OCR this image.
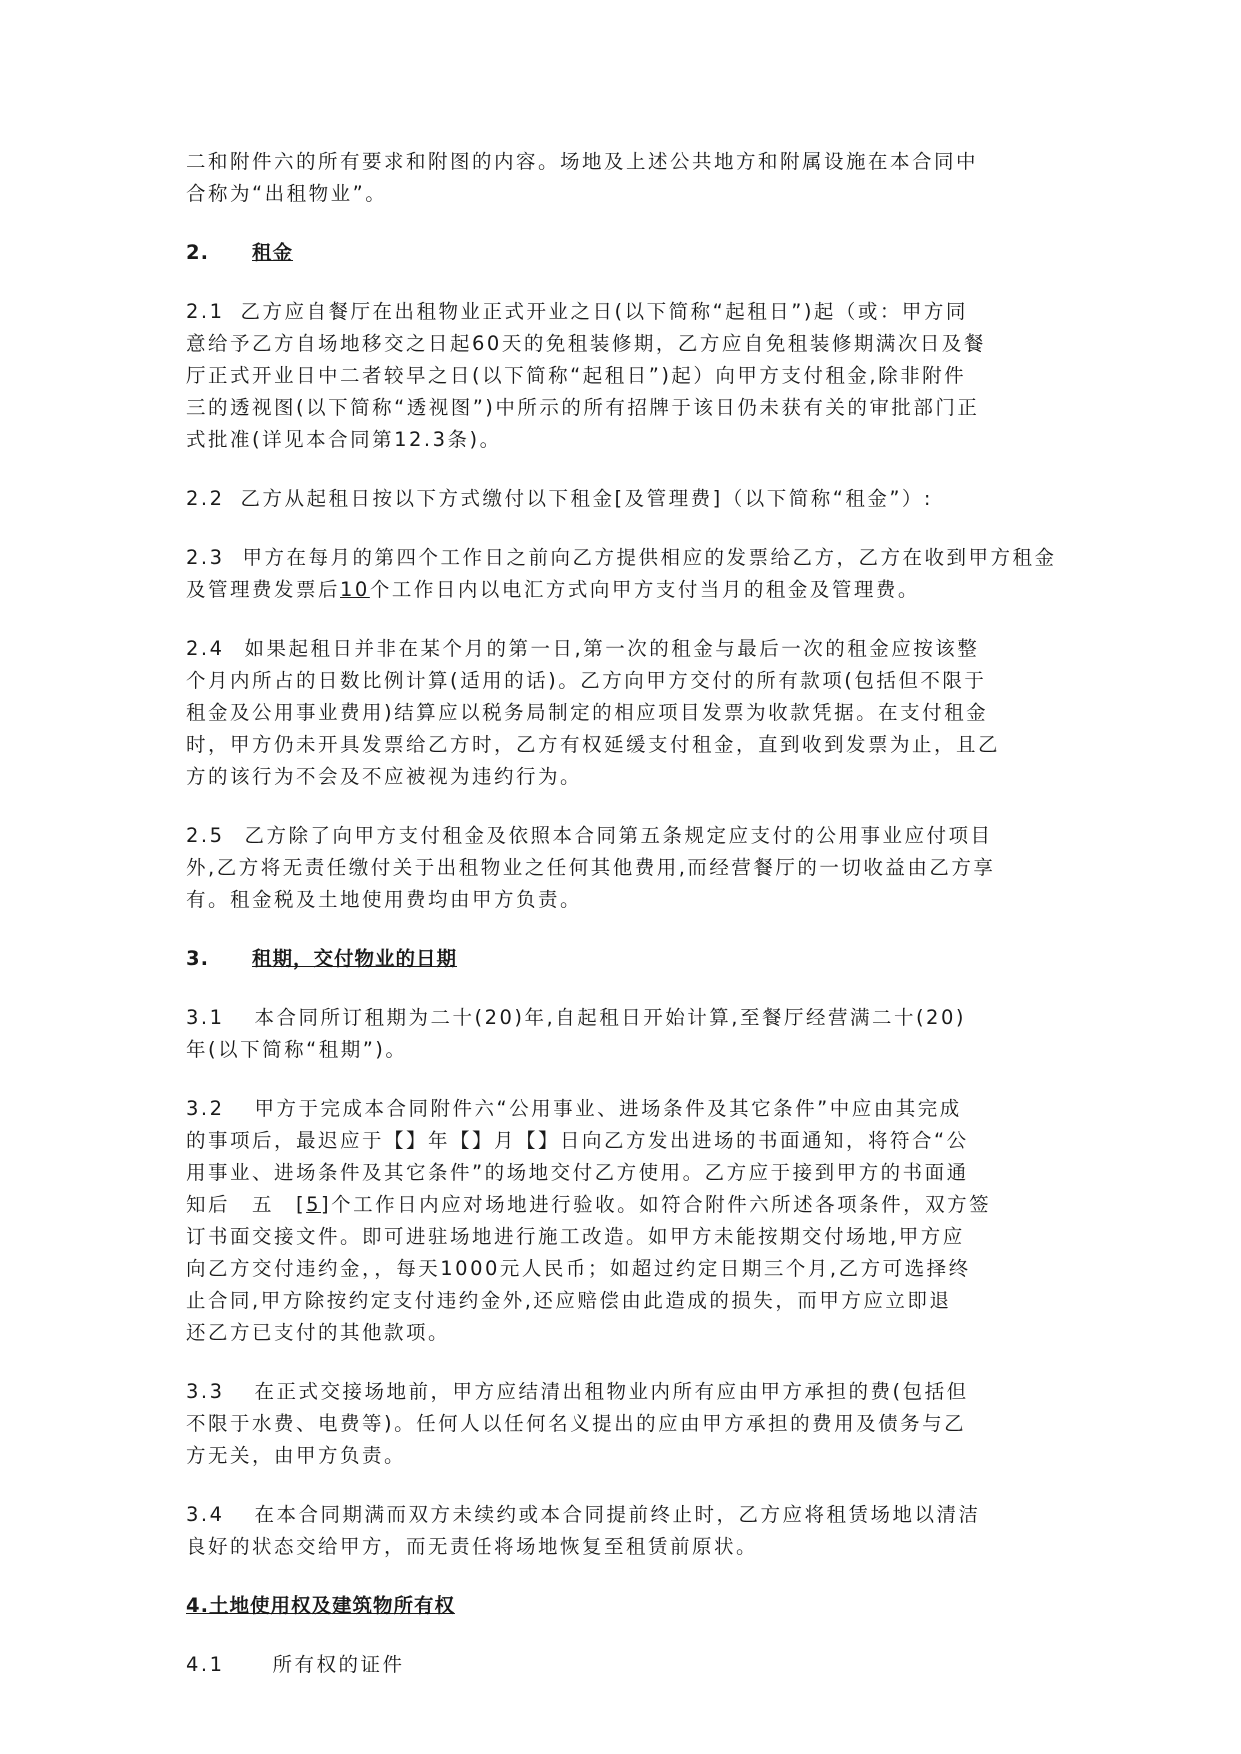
二和附件六的所有要求和附图的内容。场地及上述公共地方和附属设施在本合同中

合称为“出租物业”。

2. 租金

2.1 乙方应自餐厅在出租物业正式开业之日(以下简称“起租日”)起（或：甲方同

意给予乙方自场地移交之日起60天的免租装修期，乙方应自免租装修期满次日及餐

厅正式开业日中二者较早之日(以下简称“起租日”)起）向甲方支付租金,除非附件

三的透视图(以下简称“透视图”)中所示的所有招牌于该日仍未获有关的审批部门正

式批准(详见本合同第12.3条)。

2.2 乙方从起租日按以下方式缴付以下租金[及管理费]（以下简称“租金”）:

2.3 甲方在每月的第四个工作日之前向乙方提供相应的发票给乙方，乙方在收到甲方租金

及管理费发票后10个工作日内以电汇方式向甲方支付当月的租金及管理费。

2.4 如果起租日并非在某个月的第一日,第一次的租金与最后一次的租金应按该整

个月内所占的日数比例计算(适用的话)。乙方向甲方交付的所有款项(包括但不限于

租金及公用事业费用)结算应以税务局制定的相应项目发票为收款凭据。在支付租金

时，甲方仍未开具发票给乙方时，乙方有权延缓支付租金，直到收到发票为止，且乙

方的该行为不会及不应被视为违约行为。

2.5 乙方除了向甲方支付租金及依照本合同第五条规定应支付的公用事业应付项目

外,乙方将无责任缴付关于出租物业之任何其他费用,而经营餐厅的一切收益由乙方享

有。租金税及土地使用费均由甲方负责。

3. 租期，交付物业的日期

3.1 本合同所订租期为二十(20)年,自起租日开始计算,至餐厅经营满二十(20)

年(以下简称“租期”)。

3.2 甲方于完成本合同附件六“公用事业、进场条件及其它条件”中应由其完成

的事项后，最迟应于【】年【】月【】日向乙方发出进场的书面通知，将符合“公

用事业、进场条件及其它条件”的场地交付乙方使用。乙方应于接到甲方的书面通

知后　五　[5]个工作日内应对场地进行验收。如符合附件六所述各项条件，双方签

订书面交接文件。即可进驻场地进行施工改造。如甲方未能按期交付场地,甲方应

向乙方交付违约金，，每天1000元人民币；如超过约定日期三个月,乙方可选择终

止合同,甲方除按约定支付违约金外,还应赔偿由此造成的损失，而甲方应立即退

还乙方已支付的其他款项。

3.3 在正式交接场地前，甲方应结清出租物业内所有应由甲方承担的费(包括但

不限于水费、电费等)。任何人以任何名义提出的应由甲方承担的费用及债务与乙

方无关，由甲方负责。

3.4 在本合同期满而双方未续约或本合同提前终止时，乙方应将租赁场地以清洁

良好的状态交给甲方，而无责任将场地恢复至租赁前原状。

4.土地使用权及建筑物所有权

4.1 所有权的证件
